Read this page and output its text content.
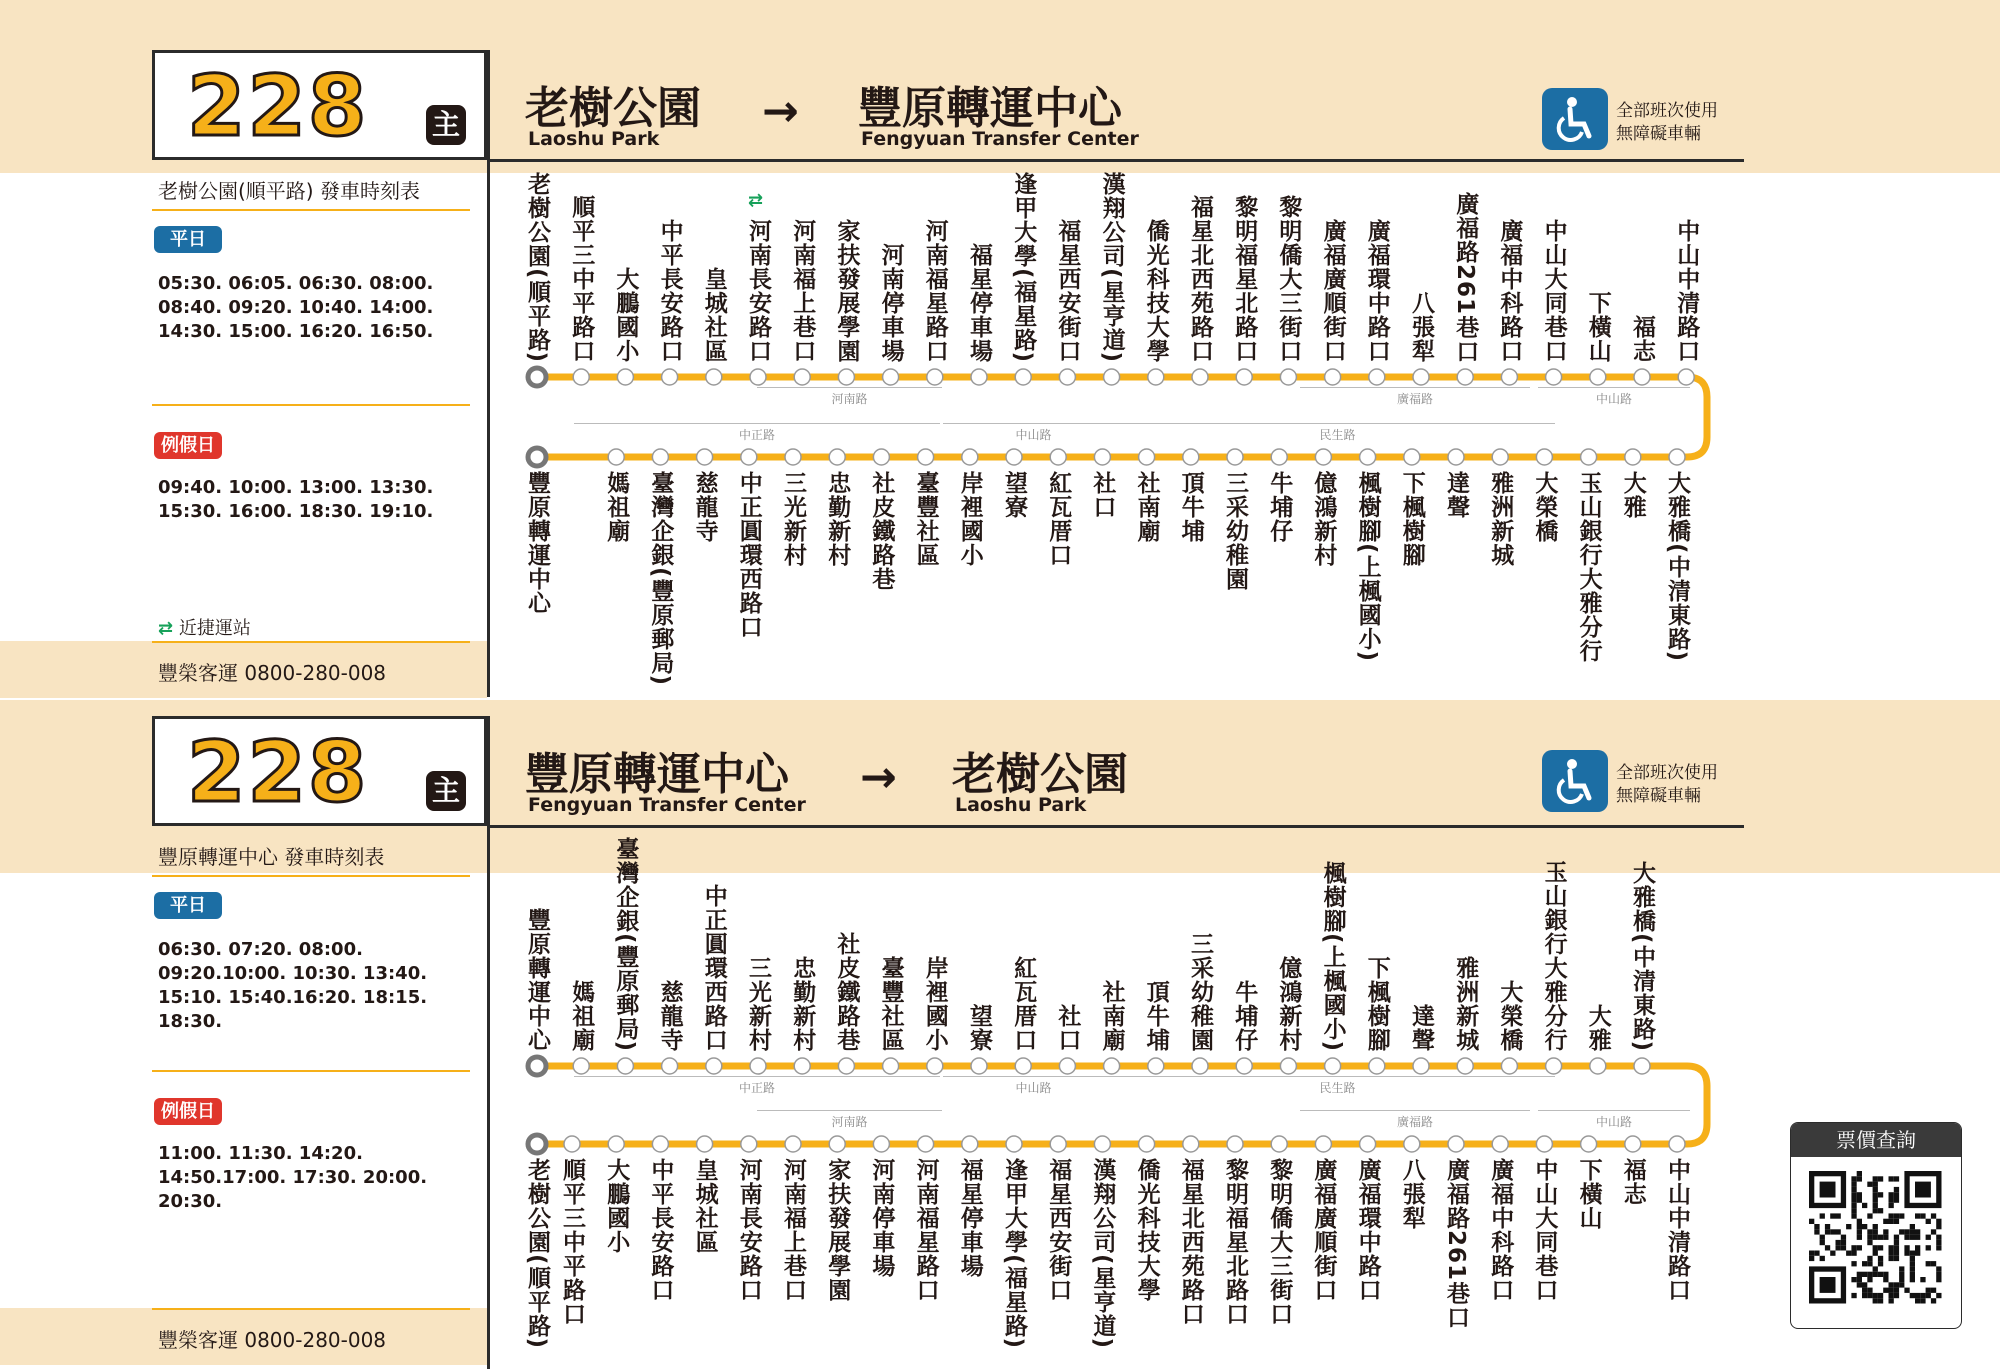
228 主 老樹公園
Laoshu Park
→ 豐原轉運中心
Fengyuan Transfer Center
全部班次使用
無障礙車輛
老樹公園(順平路) 發車時刻表
平日
05:30. 06:05. 06:30. 08:00. 08:40. 09:20. 10:40. 14:00. 14:30. 15:00. 16:20. 16:50.
例假日
09:40. 10:00. 13:00. 13:30. 15:30. 16:00. 18:30. 19:10.
⇄ 近捷運站
豐榮客運 0800-280-008
老樹公園(順平路) 順平三中平路口 大鵬國小 中平長安路口 皇城社區 河南長安路口 河南福上巷口 家扶發展學園 河南停車場 河南福星路口 福星停車場 逢甲大學(福星路) 福星西安街口 漢翔公司(星亨道) 僑光科技大學 福星北西苑路口 黎明福星北路口 黎明僑大三街口 廣福廣順街口 廣福環中路口 八張犁 廣福路261巷口 廣福中科路口 中山大同巷口 下橫山 福志 中山中清路口
豐原轉運中心 媽祖廟 臺灣企銀(豐原郵局) 慈龍寺 中正圓環西路口 三光新村 忠勤新村 社皮鐵路巷 臺豐社區 岸裡國小 望寮 紅瓦厝口 社口 社南廟 頂牛埔 三采幼稚園 牛埔仔 億鴻新村 楓樹腳(上楓國小) 下楓樹腳 達聲 雅洲新城 大榮橋 玉山銀行大雅分行 大雅 大雅橋(中清東路)
河南路	廣福路	中山路
中正路	中山路	民生路
⇄
228 主 豐原轉運中心
Fengyuan Transfer Center
→ 老樹公園
Laoshu Park
全部班次使用
無障礙車輛
豐原轉運中心 發車時刻表
平日
06:30. 07:20. 08:00. 09:20.10:00. 10:30. 13:40. 15:10. 15:40.16:20. 18:15. 18:30.
例假日
11:00. 11:30. 14:20. 14:50.17:00. 17:30. 20:00. 20:30.
豐榮客運 0800-280-008
豐原轉運中心 媽祖廟 臺灣企銀(豐原郵局) 慈龍寺 中正圓環西路口 三光新村 忠勤新村 社皮鐵路巷 臺豐社區 岸裡國小 望寮 紅瓦厝口 社口 社南廟 頂牛埔 三采幼稚園 牛埔仔 億鴻新村 楓樹腳(上楓國小) 下楓樹腳 達聲 雅洲新城 大榮橋 玉山銀行大雅分行 大雅 大雅橋(中清東路)
老樹公園(順平路) 順平三中平路口 大鵬國小 中平長安路口 皇城社區 河南長安路口 河南福上巷口 家扶發展學園 河南停車場 河南福星路口 福星停車場 逢甲大學(福星路) 福星西安街口 漢翔公司(星亨道) 僑光科技大學 福星北西苑路口 黎明福星北路口 黎明僑大三街口 廣福廣順街口 廣福環中路口 八張犁 廣福路261巷口 廣福中科路口 中山大同巷口 下橫山 福志 中山中清路口
中正路	中山路	民生路
河南路	廣福路	中山路
票價查詢
